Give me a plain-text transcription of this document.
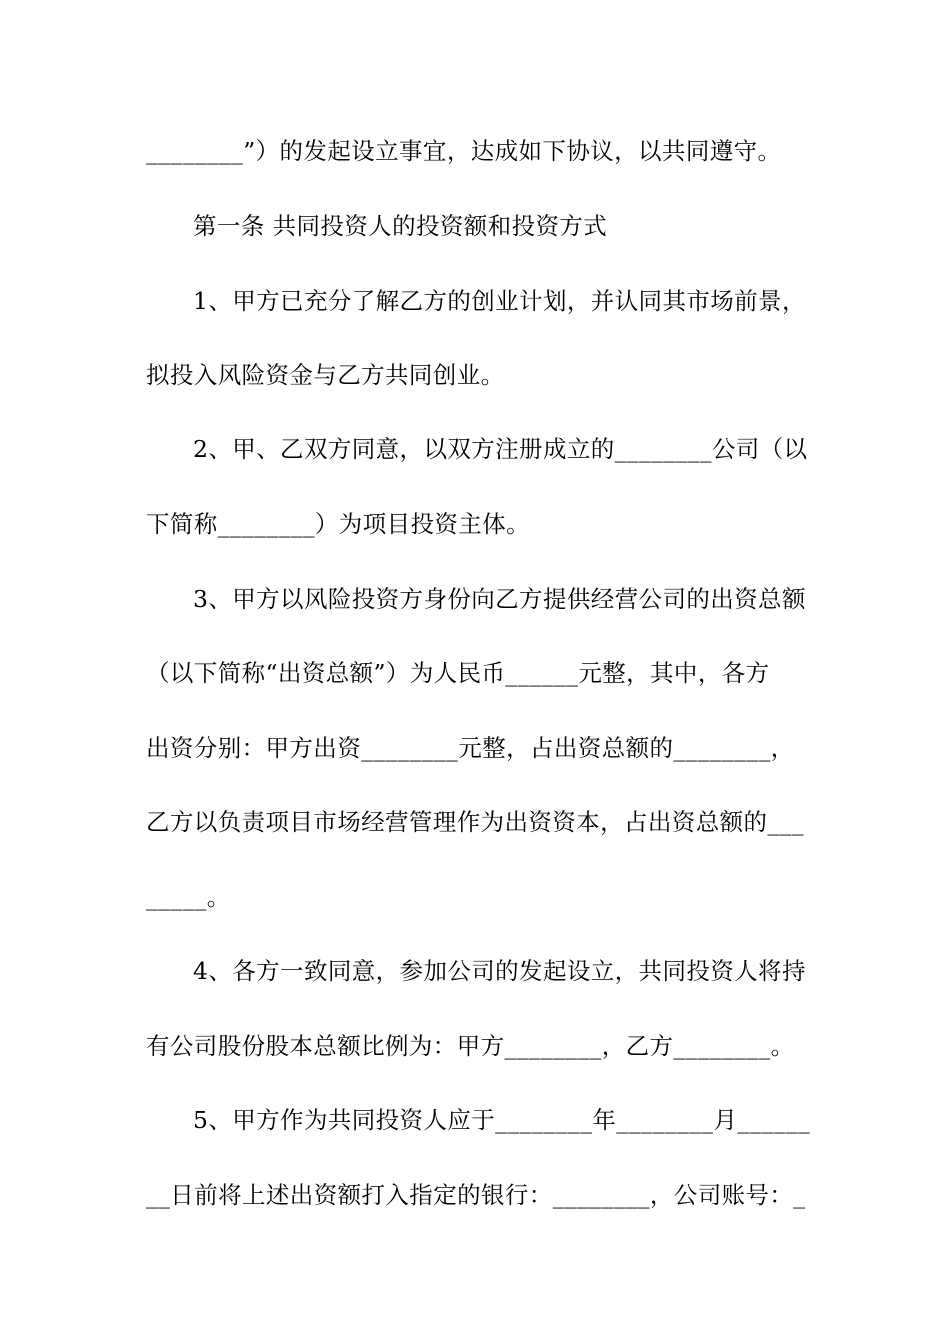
________”）的发起设立事宜，达成如下协议，以共同遵守。
第一条 共同投资人的投资额和投资方式
1、甲方已充分了解乙方的创业计划，并认同其市场前景，
拟投入风险资金与乙方共同创业。
2、甲、乙双方同意，以双方注册成立的________公司（以
下简称________）为项目投资主体。
3、甲方以风险投资方身份向乙方提供经营公司的出资总额
（以下简称“出资总额”）为人民币______元整，其中，各方
出资分别：甲方出资________元整，占出资总额的________，
乙方以负责项目市场经营管理作为出资资本，占出资总额的___
_____。
4、各方一致同意，参加公司的发起设立，共同投资人将持
有公司股份股本总额比例为：甲方________，乙方________。
5、甲方作为共同投资人应于________年________月______
__日前将上述出资额打入指定的银行：________，公司账号：_
